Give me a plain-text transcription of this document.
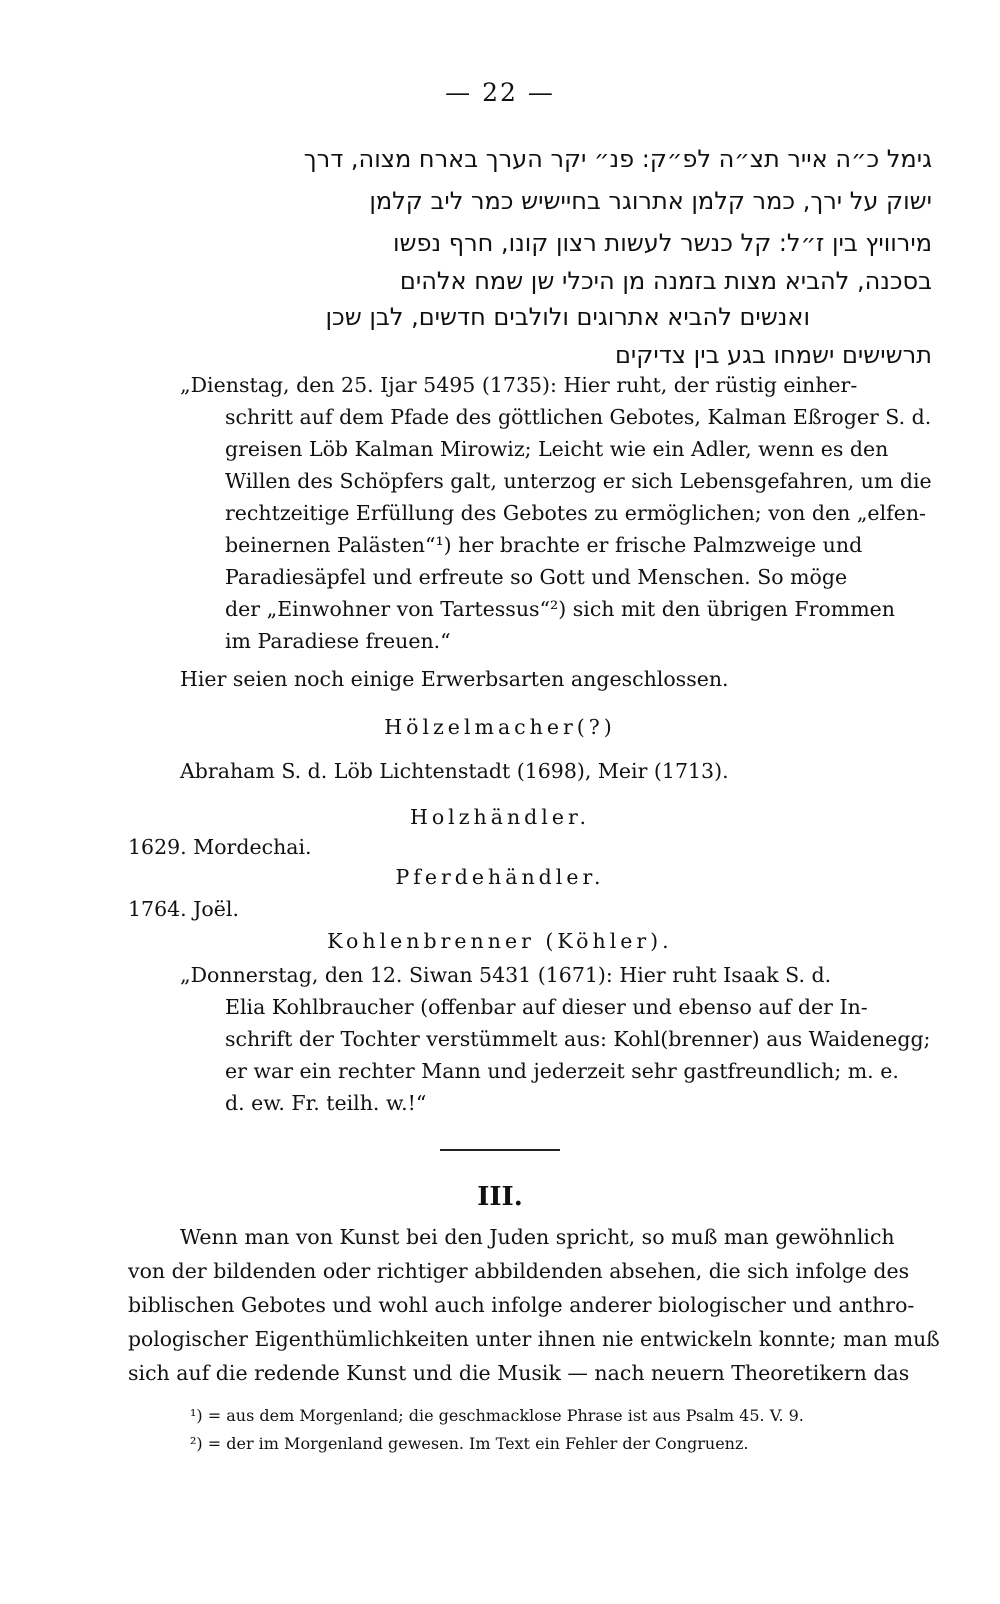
— 22 —
גימל כ״ה אייר תצ״ה לפ״ק: פנ״ יקר הערך בארח מצוה, דרך
ישוק על ירך, כמר קלמן אתרוגר בחיישיש כמר ליב קלמן
מירוויץ בין ז״ל: קל כנשר לעשות רצון קונו, חרף נפשו
בסכנה, להביא מצות בזמנה מן היכלי שן שמח אלהים
ואנשים להביא אתרוגים ולולבים חדשים, לבן שכן
תרשישים ישמחו בגע בין צדיקים
„Dienstag, den 25. Ijar 5495 (1735): Hier ruht, der rüstig einher-
schritt auf dem Pfade des göttlichen Gebotes, Kalman Eßroger S. d.
greisen Löb Kalman Mirowiz; Leicht wie ein Adler, wenn es den
Willen des Schöpfers galt, unterzog er sich Lebensgefahren, um die
rechtzeitige Erfüllung des Gebotes zu ermöglichen; von den „elfen-
beinernen Palästen“¹) her brachte er frische Palmzweige und
Paradiesäpfel und erfreute so Gott und Menschen. So möge
der „Einwohner von Tartessus“²) sich mit den übrigen Frommen
im Paradiese freuen.“
Hier seien noch einige Erwerbsarten angeschlossen.
Hölzelmacher(?)
Abraham S. d. Löb Lichtenstadt (1698), Meir (1713).
Holzhändler.
1629. Mordechai.
Pferdehändler.
1764. Joël.
Kohlenbrenner (Köhler).
„Donnerstag, den 12. Siwan 5431 (1671): Hier ruht Isaak S. d.
Elia Kohlbraucher (offenbar auf dieser und ebenso auf der In-
schrift der Tochter verstümmelt aus: Kohl(brenner) aus Waidenegg;
er war ein rechter Mann und jederzeit sehr gastfreundlich; m. e.
d. ew. Fr. teilh. w.!“
III.
Wenn man von Kunst bei den Juden spricht, so muß man gewöhnlich
von der bildenden oder richtiger abbildenden absehen, die sich infolge des
biblischen Gebotes und wohl auch infolge anderer biologischer und anthro-
pologischer Eigenthümlichkeiten unter ihnen nie entwickeln konnte; man muß
sich auf die redende Kunst und die Musik — nach neuern Theoretikern das
¹) = aus dem Morgenland; die geschmacklose Phrase ist aus Psalm 45. V. 9.
²) = der im Morgenland gewesen. Im Text ein Fehler der Congruenz.
